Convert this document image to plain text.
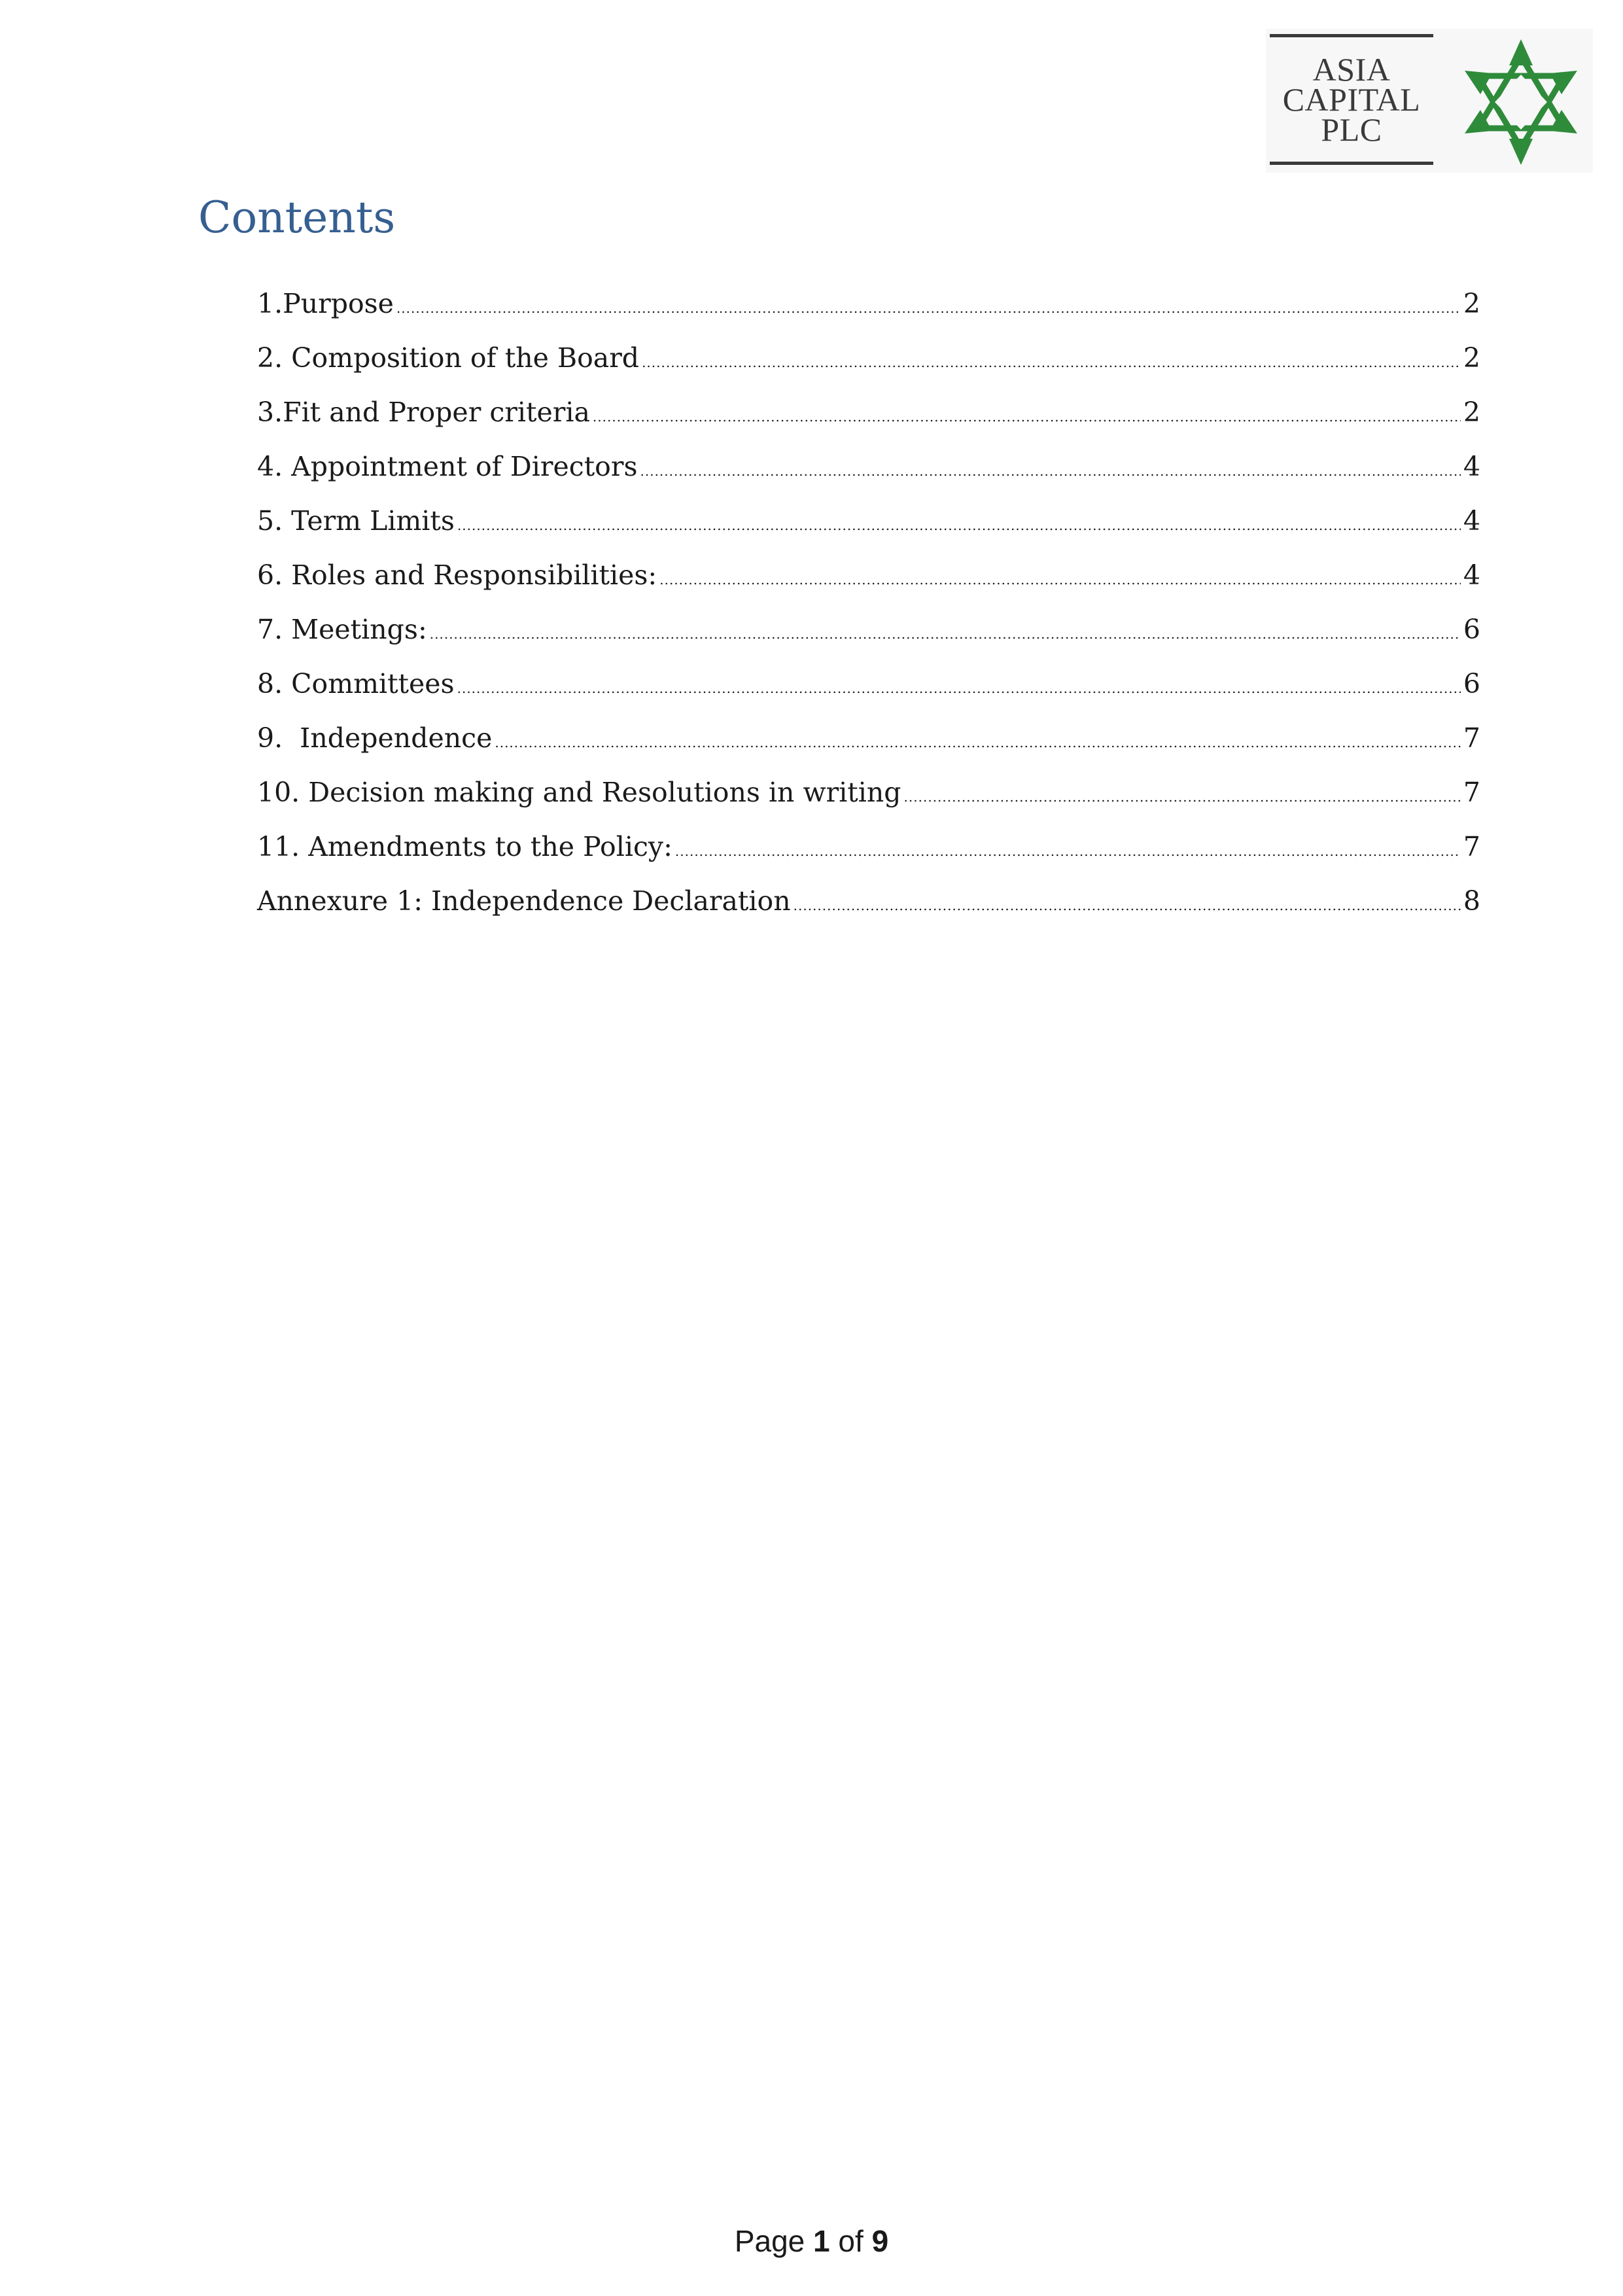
ASIA
CAPITAL
PLC
Contents
1.Purpose .....	2
2. Composition of the Board .....	2
3.Fit and Proper criteria .....	2
4. Appointment of Directors .....	4
5. Term Limits .....	4
6. Roles and Responsibilities: .....	4
7. Meetings: .....	6
8. Committees .....	6
9.  Independence .....	7
10. Decision making and Resolutions in writing .....	7
11. Amendments to the Policy: .....	7
Annexure 1: Independence Declaration .....	8
Page 1 of 9
